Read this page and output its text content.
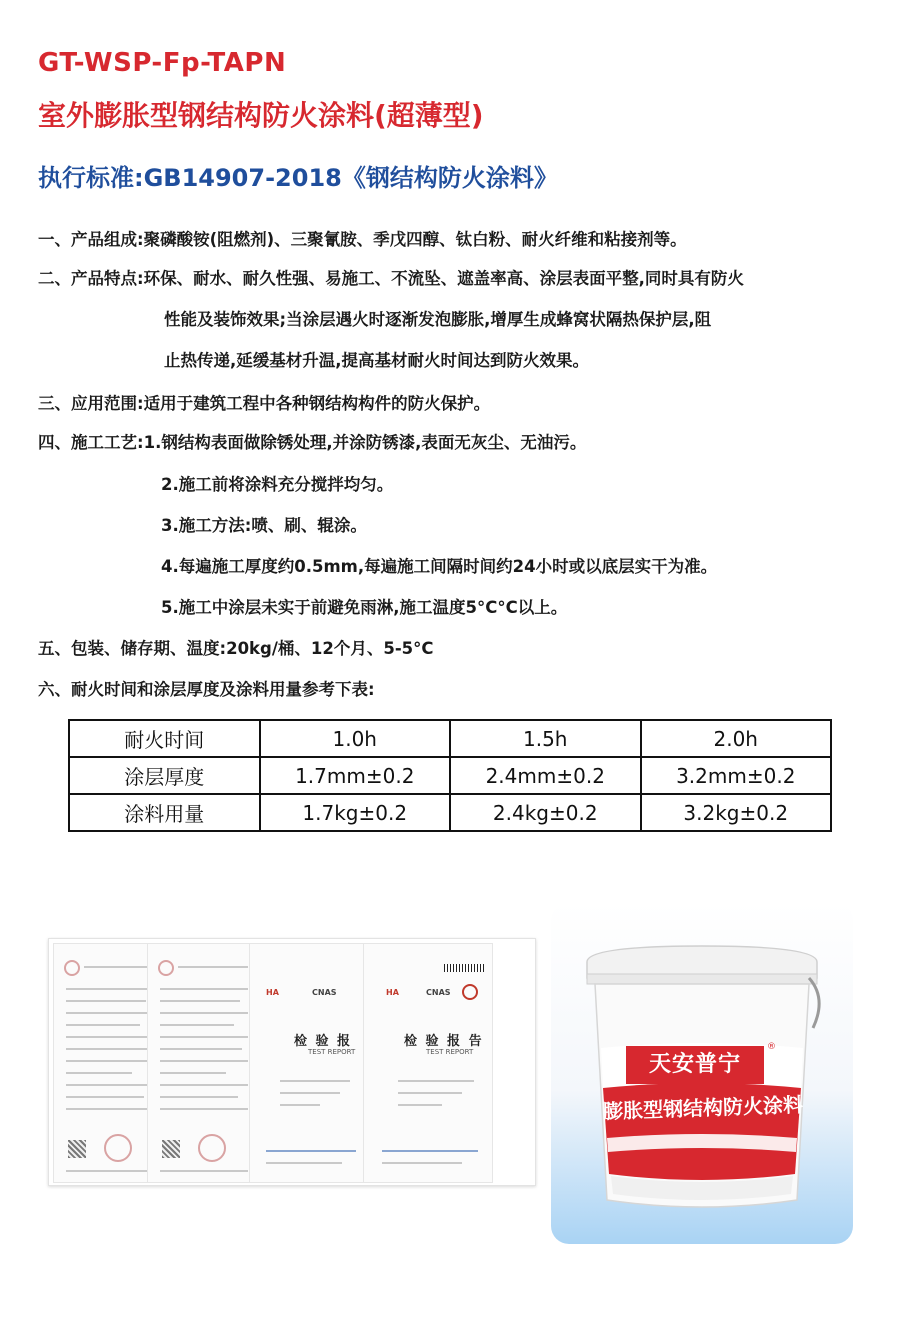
GT-WSP-Fp-TAPN
室外膨胀型钢结构防火涂料(超薄型)
执行标准:GB14907-2018《钢结构防火涂料》
一、产品组成:聚磷酸铵(阻燃剂)、三聚氰胺、季戊四醇、钛白粉、耐火纤维和粘接剂等。
二、产品特点:环保、耐水、耐久性强、易施工、不流坠、遮盖率高、涂层表面平整,同时具有防火
性能及装饰效果;当涂层遇火时逐渐发泡膨胀,增厚生成蜂窝状隔热保护层,阻
止热传递,延缓基材升温,提高基材耐火时间达到防火效果。
三、应用范围:适用于建筑工程中各种钢结构构件的防火保护。
四、施工工艺:1.钢结构表面做除锈处理,并涂防锈漆,表面无灰尘、无油污。
2.施工前将涂料充分搅拌均匀。
3.施工方法:喷、刷、辊涂。
4.每遍施工厚度约0.5mm,每遍施工间隔时间约24小时或以底层实干为准。
5.施工中涂层未实于前避免雨淋,施工温度5°C°C以上。
五、包装、储存期、温度:20kg/桶、12个月、5-5°C
六、耐火时间和涂层厚度及涂料用量参考下表:
耐火时间	1.0h	1.5h	2.0h
涂层厚度	1.7mm±0.2	2.4mm±0.2	3.2mm±0.2
涂料用量	1.7kg±0.2	2.4kg±0.2	3.2kg±0.2
HA	CNAS
检 验 报
TEST REPORT
HA	CNAS
检 验 报 告
TEST REPORT	天安普宁
®
膨胀型钢结构防火涂料
